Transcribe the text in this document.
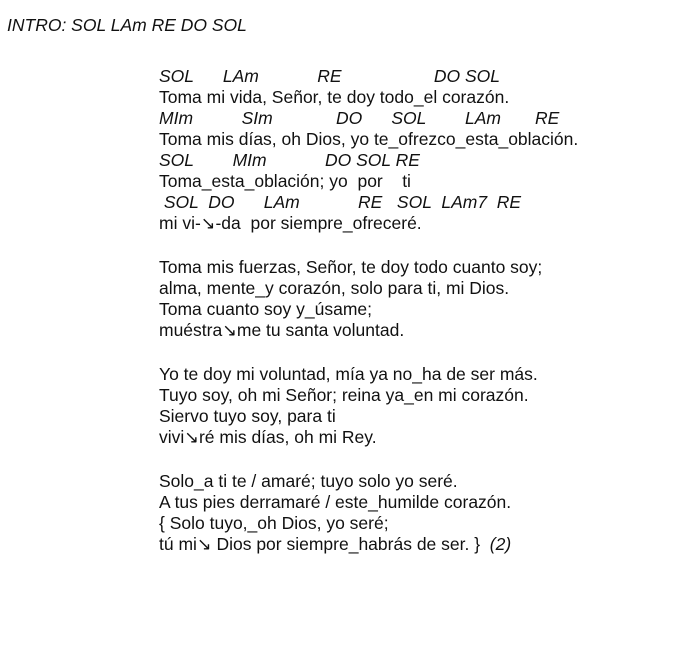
INTRO: SOL LAm RE DO SOL
SOL      LAm            RE                   DO SOL
Toma mi vida, Señor, te doy todo_el corazón.
MIm          SIm             DO      SOL        LAm       RE
Toma mis días, oh Dios, yo te_ofrezco_esta_oblación.
SOL        MIm            DO SOL RE
Toma_esta_oblación; yo  por    ti
SOL  DO      LAm            RE   SOL  LAm7  RE
mi vi-↘-da  por siempre_ofreceré.
Toma mis fuerzas, Señor, te doy todo cuanto soy;
alma, mente_y corazón, solo para ti, mi Dios.
Toma cuanto soy y_úsame;
muéstra↘me tu santa voluntad.
Yo te doy mi voluntad, mía ya no_ha de ser más.
Tuyo soy, oh mi Señor; reina ya_en mi corazón.
Siervo tuyo soy, para ti
vivi↘ré mis días, oh mi Rey.
Solo_a ti te / amaré; tuyo solo yo seré.
A tus pies derramaré / este_humilde corazón.
{ Solo tuyo,_oh Dios, yo seré;
tú mi↘ Dios por siempre_habrás de ser. }  (2)
